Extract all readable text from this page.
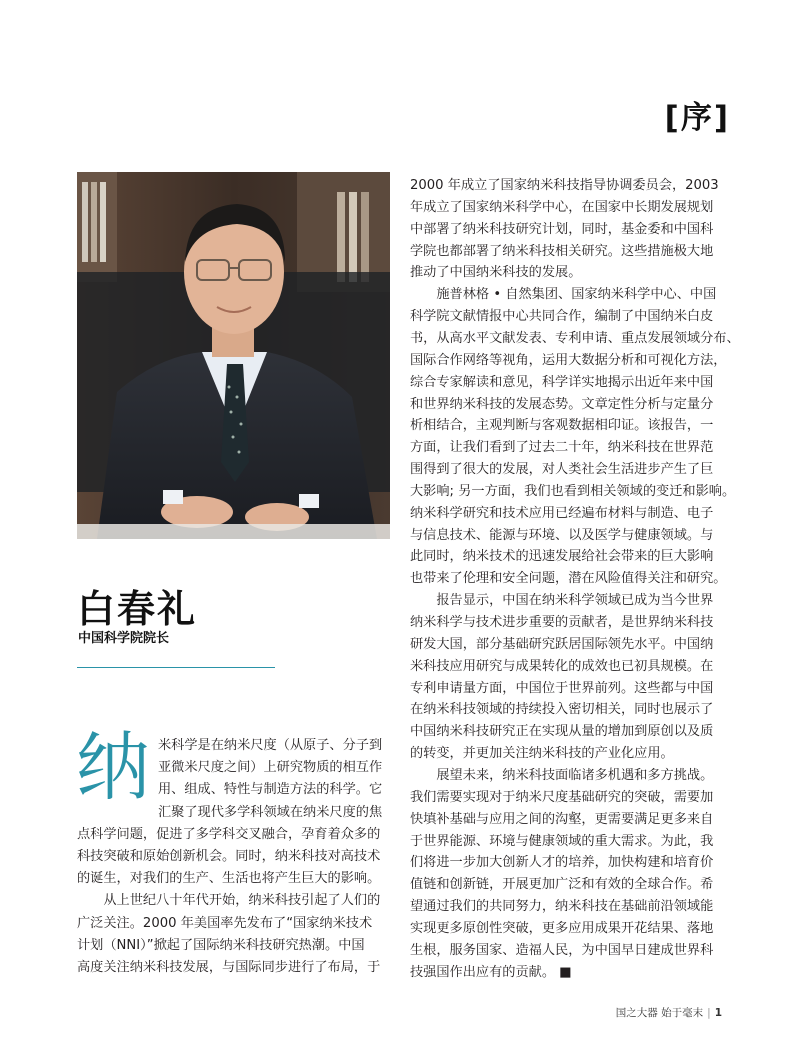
[序]
白春礼
中国科学院院长
纳 米科学是在纳米尺度（从原子、分子到
亚微米尺度之间）上研究物质的相互作
用、组成、特性与制造方法的科学。它
汇聚了现代多学科领域在纳米尺度的焦
点科学问题，促进了多学科交叉融合，孕育着众多的
科技突破和原始创新机会。同时，纳米科技对高技术
的诞生，对我们的生产、生活也将产生巨大的影响。
　　从上世纪八十年代开始，纳米科技引起了人们的
广泛关注。2000 年美国率先发布了“国家纳米技术
计划（NNI）”掀起了国际纳米科技研究热潮。中国
高度关注纳米科技发展，与国际同步进行了布局，于
2000 年成立了国家纳米科技指导协调委员会，2003
年成立了国家纳米科学中心，在国家中长期发展规划
中部署了纳米科技研究计划，同时，基金委和中国科
学院也都部署了纳米科技相关研究。这些措施极大地
推动了中国纳米科技的发展。
　　施普林格 • 自然集团、国家纳米科学中心、中国
科学院文献情报中心共同合作，编制了中国纳米白皮
书，从高水平文献发表、专利申请、重点发展领域分布、
国际合作网络等视角，运用大数据分析和可视化方法，
综合专家解读和意见，科学详实地揭示出近年来中国
和世界纳米科技的发展态势。文章定性分析与定量分
析相结合，主观判断与客观数据相印证。该报告，一
方面，让我们看到了过去二十年，纳米科技在世界范
围得到了很大的发展，对人类社会生活进步产生了巨
大影响; 另一方面，我们也看到相关领域的变迁和影响。
纳米科学研究和技术应用已经遍布材料与制造、电子
与信息技术、能源与环境、以及医学与健康领域。与
此同时，纳米技术的迅速发展给社会带来的巨大影响
也带来了伦理和安全问题，潜在风险值得关注和研究。
　　报告显示，中国在纳米科学领域已成为当今世界
纳米科学与技术进步重要的贡献者，是世界纳米科技
研发大国，部分基础研究跃居国际领先水平。中国纳
米科技应用研究与成果转化的成效也已初具规模。在
专利申请量方面，中国位于世界前列。这些都与中国
在纳米科技领域的持续投入密切相关，同时也展示了
中国纳米科技研究正在实现从量的增加到原创以及质
的转变，并更加关注纳米科技的产业化应用。
　　展望未来，纳米科技面临诸多机遇和多方挑战。
我们需要实现对于纳米尺度基础研究的突破，需要加
快填补基础与应用之间的沟壑，更需要满足更多来自
于世界能源、环境与健康领域的重大需求。为此，我
们将进一步加大创新人才的培养，加快构建和培育价
值链和创新链，开展更加广泛和有效的全球合作。希
望通过我们的共同努力，纳米科技在基础前沿领域能
实现更多原创性突破，更多应用成果开花结果、落地
生根，服务国家、造福人民，为中国早日建成世界科
技强国作出应有的贡献。 ■
国之大器 始于毫末 | 1
